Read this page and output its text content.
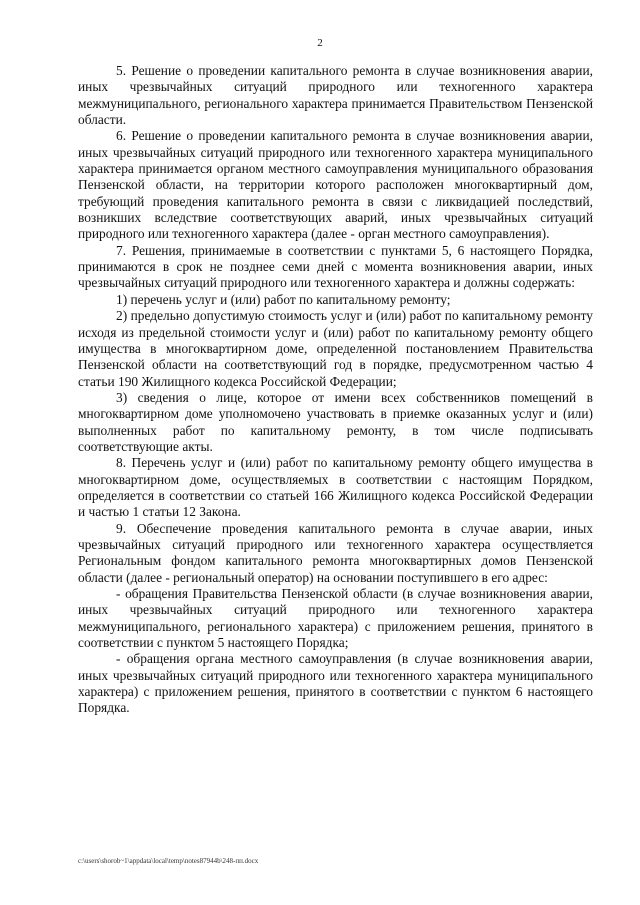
2

5. Решение о проведении капитального ремонта в случае возникновения аварии, иных чрезвычайных ситуаций природного или техногенного характера межмуниципального, регионального характера принимается Правительством Пензенской области.

6. Решение о проведении капитального ремонта в случае возникновения аварии, иных чрезвычайных ситуаций природного или техногенного характера муниципального характера принимается органом местного самоуправления муниципального образования Пензенской области, на территории которого расположен многоквартирный дом, требующий проведения капитального ремонта в связи с ликвидацией последствий, возникших вследствие соответствующих аварий, иных чрезвычайных ситуаций природного или техногенного характера (далее - орган местного самоуправления).

7. Решения, принимаемые в соответствии с пунктами 5, 6 настоящего Порядка, принимаются в срок не позднее семи дней с момента возникновения аварии, иных чрезвычайных ситуаций природного или техногенного характера и должны содержать:

1) перечень услуг и (или) работ по капитальному ремонту;

2) предельно допустимую стоимость услуг и (или) работ по капитальному ремонту исходя из предельной стоимости услуг и (или) работ по капитальному ремонту общего имущества в многоквартирном доме, определенной постановлением Правительства Пензенской области на соответствующий год в порядке, предусмотренном частью 4 статьи 190 Жилищного кодекса Российской Федерации;

3) сведения о лице, которое от имени всех собственников помещений в многоквартирном доме уполномочено участвовать в приемке оказанных услуг и (или) выполненных работ по капитальному ремонту, в том числе подписывать соответствующие акты.

8. Перечень услуг и (или) работ по капитальному ремонту общего имущества в многоквартирном доме, осуществляемых в соответствии с настоящим Порядком, определяется в соответствии со статьей 166 Жилищного кодекса Российской Федерации и частью 1 статьи 12 Закона.

9. Обеспечение проведения капитального ремонта в случае аварии, иных чрезвычайных ситуаций природного или техногенного характера осуществляется Региональным фондом капитального ремонта многоквартирных домов Пензенской области (далее - региональный оператор) на основании поступившего в его адрес:

- обращения Правительства Пензенской области (в случае возникновения аварии, иных чрезвычайных ситуаций природного или техногенного характера межмуниципального, регионального характера) с приложением решения, принятого в соответствии с пунктом 5 настоящего Порядка;

- обращения органа местного самоуправления (в случае возникновения аварии, иных чрезвычайных ситуаций природного или техногенного характера муниципального характера) с приложением решения, принятого в соответствии с пунктом 6 настоящего Порядка.

c:\users\shorob~1\appdata\local\temp\notes87944b\248-пп.docx
